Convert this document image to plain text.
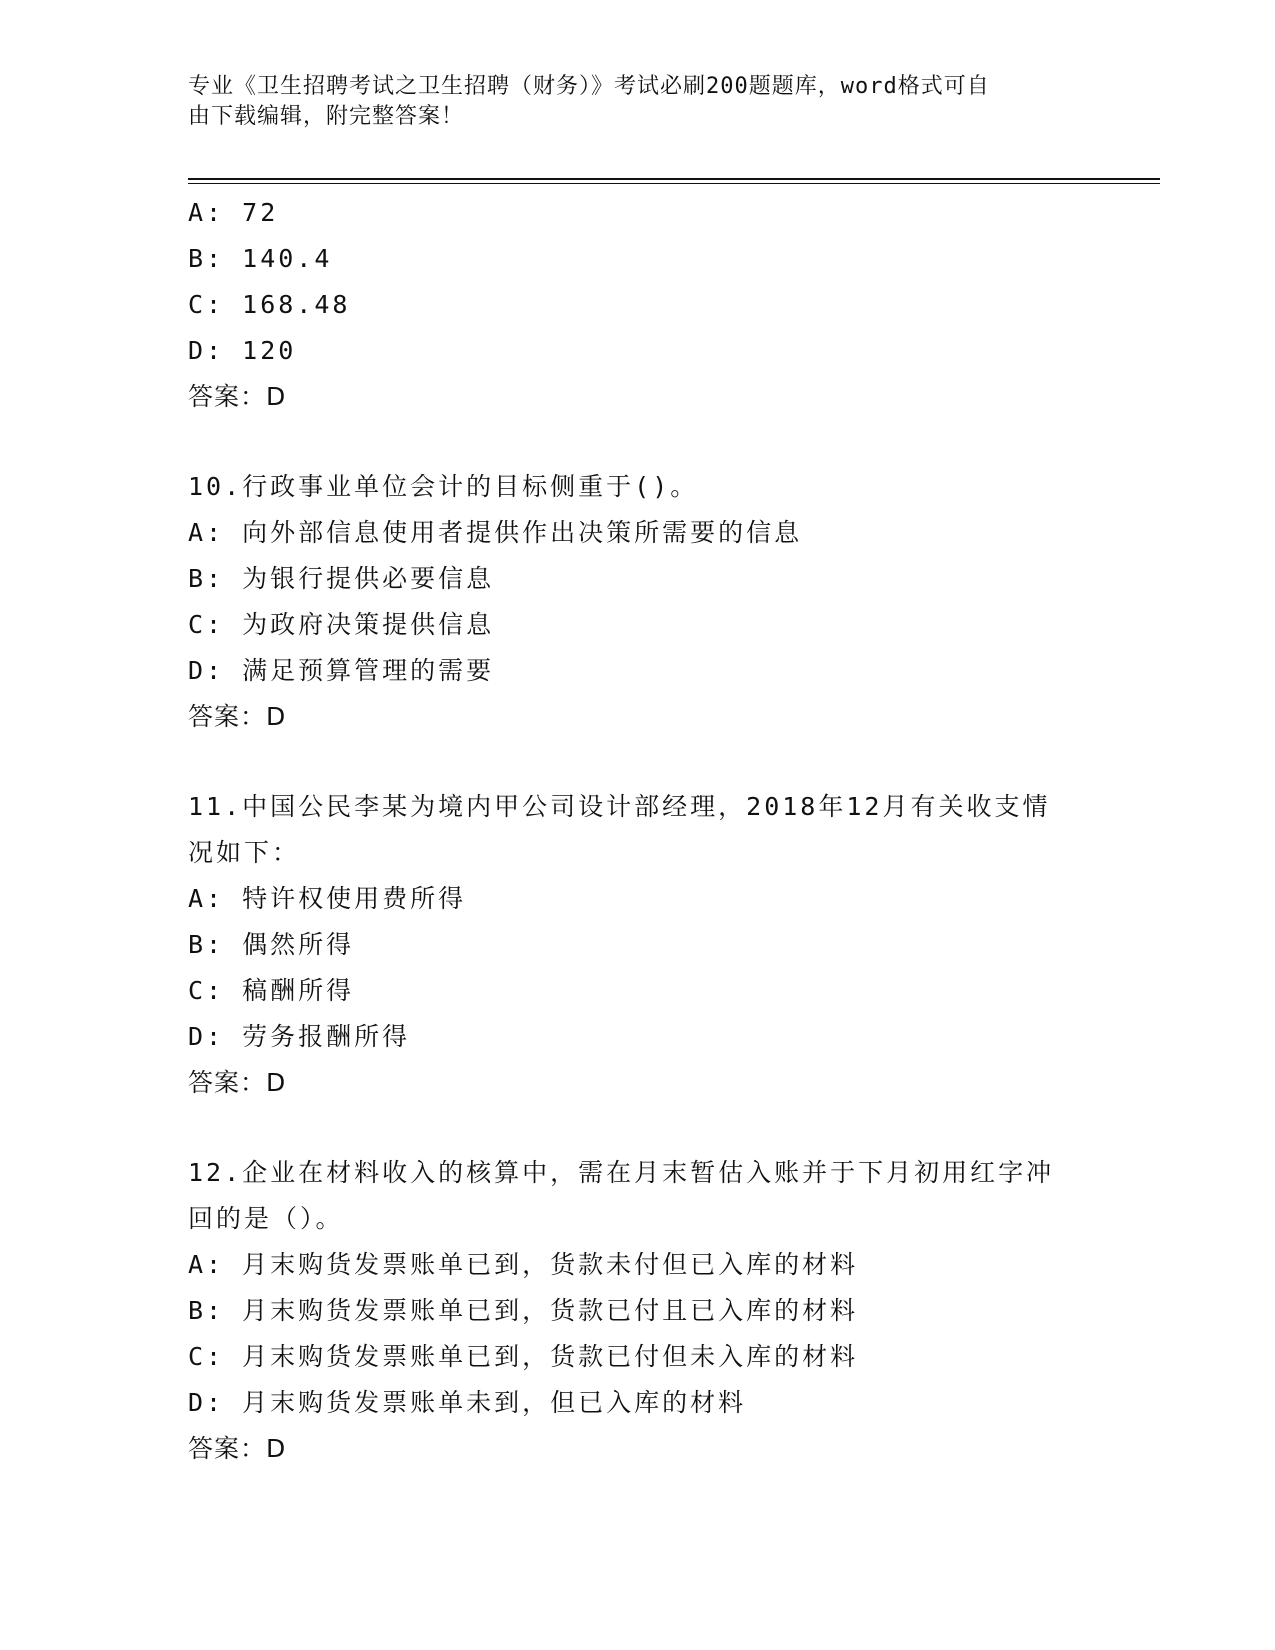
专业《卫生招聘考试之卫生招聘（财务）》考试必刷200题题库，word格式可自
由下载编辑，附完整答案！
A: 72
B: 140.4
C: 168.48
D: 120
答案：D
10.行政事业单位会计的目标侧重于()。
A: 向外部信息使用者提供作出决策所需要的信息
B: 为银行提供必要信息
C: 为政府决策提供信息
D: 满足预算管理的需要
答案：D
11.中国公民李某为境内甲公司设计部经理，2018年12月有关收支情
况如下：
A: 特许权使用费所得
B: 偶然所得
C: 稿酬所得
D: 劳务报酬所得
答案：D
12.企业在材料收入的核算中，需在月末暂估入账并于下月初用红字冲
回的是（）。
A: 月末购货发票账单已到，货款未付但已入库的材料
B: 月末购货发票账单已到，货款已付且已入库的材料
C: 月末购货发票账单已到，货款已付但未入库的材料
D: 月末购货发票账单未到，但已入库的材料
答案：D
